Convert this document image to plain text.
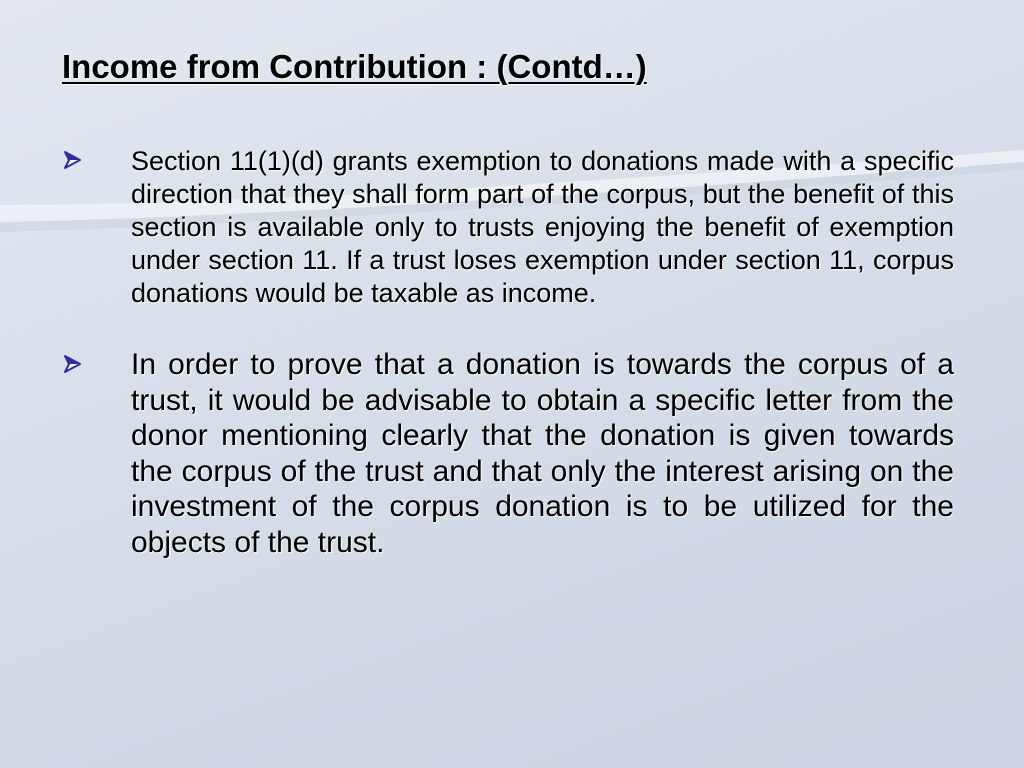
Income from Contribution : (Contd…)
Section 11(1)(d) grants exemption to donations made with a specific direction that they shall form part of the corpus, but the benefit of this section is available only to trusts enjoying the benefit of exemption under section 11. If a trust loses exemption under section 11, corpus donations would be taxable as income.
In order to prove that a donation is towards the corpus of a trust, it would be advisable to obtain a specific letter from the donor mentioning clearly that the donation is given towards the corpus of the trust and that only the interest arising on the investment of the corpus donation is to be utilized for the objects of the trust.
